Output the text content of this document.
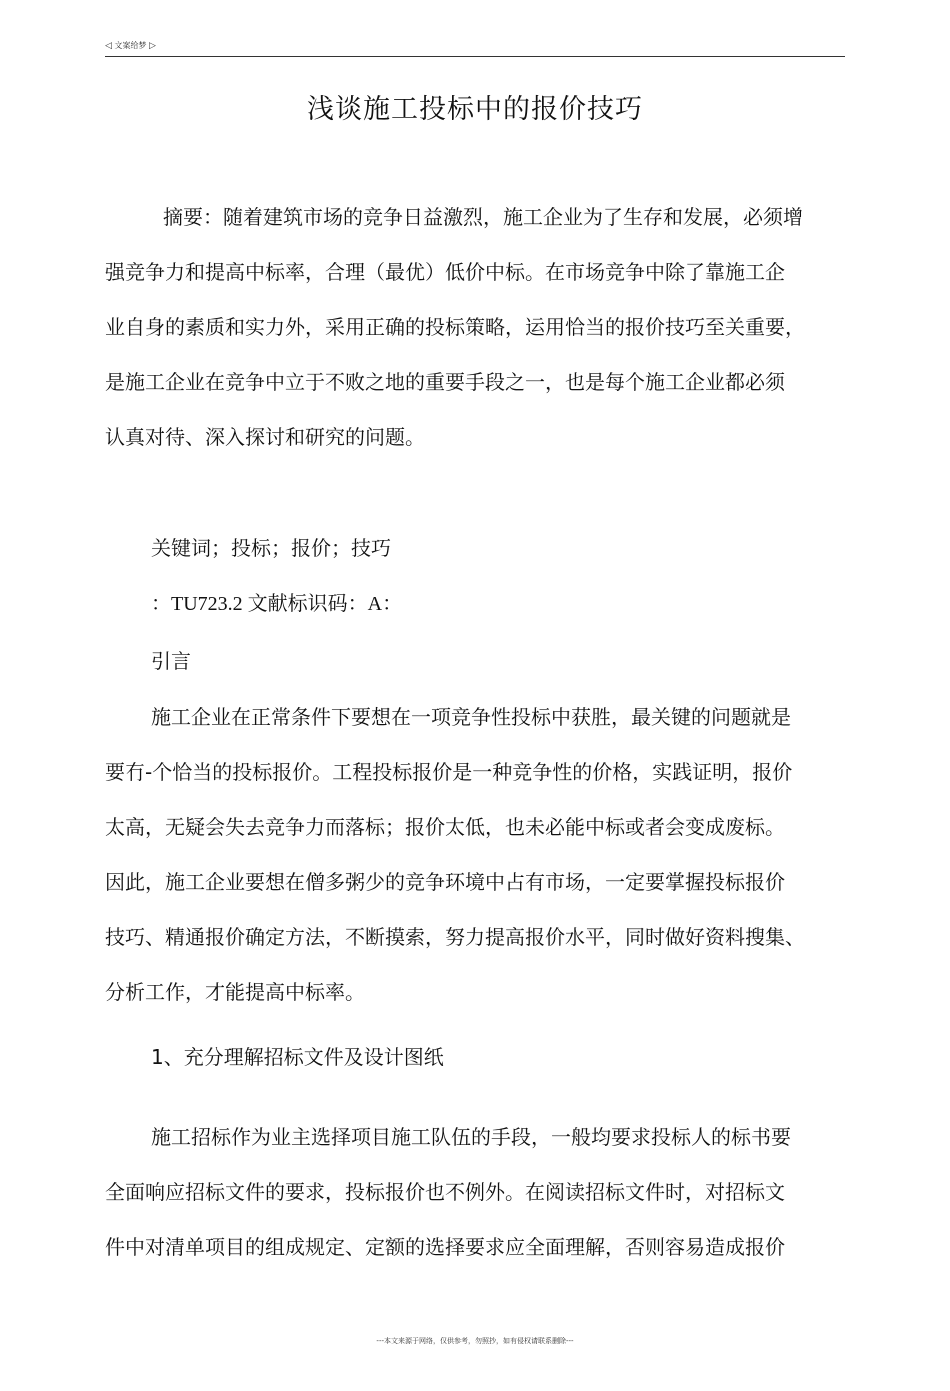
◁ 文案给梦 ▷
浅谈施工投标中的报价技巧
摘要：随着建筑市场的竞争日益激烈，施工企业为了生存和发展，必须增
强竞争力和提高中标率，合理（最优）低价中标。在市场竞争中除了靠施工企
业自身的素质和实力外，采用正确的投标策略，运用恰当的报价技巧至关重要，
是施工企业在竞争中立于不败之地的重要手段之一，也是每个施工企业都必须
认真对待、深入探讨和研究的问题。
关键词；投标；报价；技巧
：TU723.2 文献标识码：A：
引言
施工企业在正常条件下要想在一项竞争性投标中获胜，最关键的问题就是
要冇-个恰当的投标报价。工程投标报价是一种竞争性的价格，实践证明，报价
太高，无疑会失去竞争力而落标；报价太低，也未必能中标或者会变成废标。
因此，施工企业要想在僧多粥少的竞争环境中占有市场，一定要掌握投标报价
技巧、精通报价确定方法，不断摸索，努力提高报价水平，同时做好资料搜集、
分析工作，才能提高中标率。
1、充分理解招标文件及设计图纸
施工招标作为业主选择项目施工队伍的手段，一般均要求投标人的标书要
全面响应招标文件的要求，投标报价也不例外。在阅读招标文件时，对招标文
件中对清单项目的组成规定、定额的选择要求应全面理解，否则容易造成报价
---本文来源于网络，仅供参考，勿照抄，如有侵权请联系删除---
